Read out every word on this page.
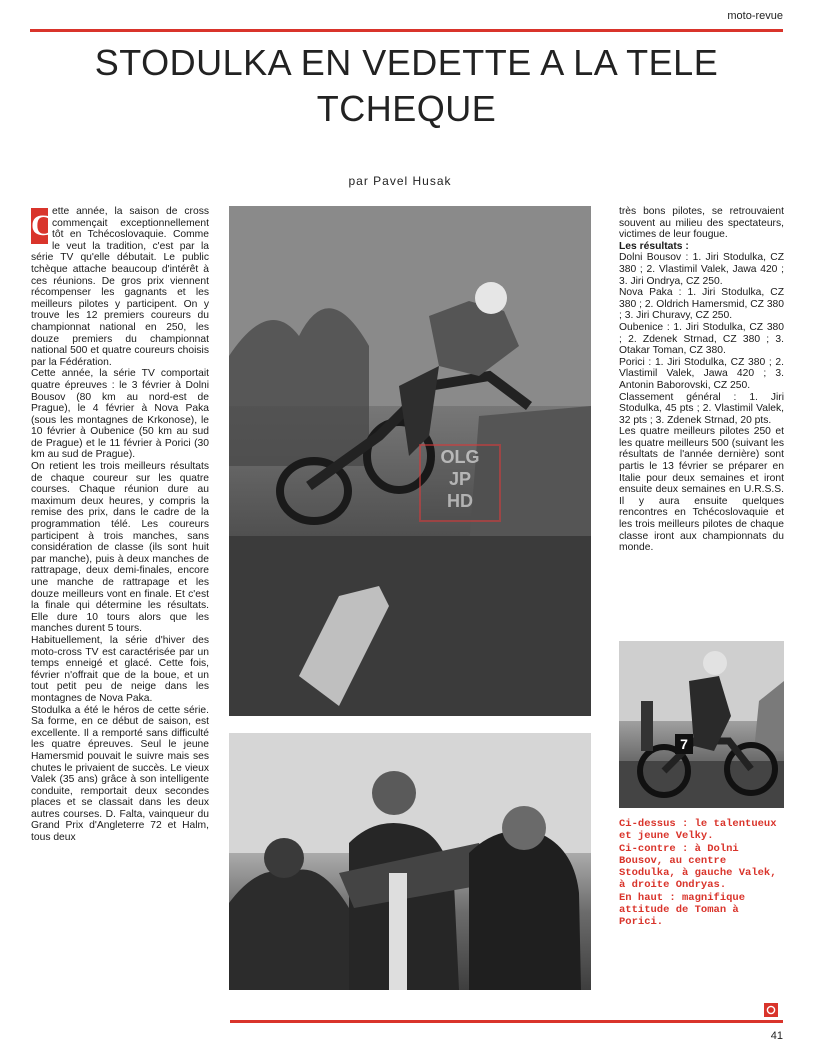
moto-revue
STODULKA EN VEDETTE A LA TELE TCHEQUE
par Pavel Husak
C ette année, la saison de cross commençait exceptionnellement tôt en Tchécoslovaquie. Comme le veut la tradition, c'est par la série TV qu'elle débutait. Le public tchèque attache beaucoup d'intérêt à ces réunions. De gros prix viennent récompenser les gagnants et les meilleurs pilotes y participent. On y trouve les 12 premiers coureurs du championnat national en 250, les douze premiers du championnat national 500 et quatre coureurs choisis par la Fédération.

Cette année, la série TV comportait quatre épreuves : le 3 février à Dolni Bousov (80 km au nord-est de Prague), le 4 février à Nova Paka (sous les montagnes de Krkonose), le 10 février à Oubenice (50 km au sud de Prague) et le 11 février à Porici (30 km au sud de Prague).

On retient les trois meilleurs résultats de chaque coureur sur les quatre courses. Chaque réunion dure au maximum deux heures, y compris la remise des prix, dans le cadre de la programmation télé. Les coureurs participent à trois manches, sans considération de classe (ils sont huit par manche), puis à deux manches de rattrapage, deux demi-finales, encore une manche de rattrapage et les douze meilleurs vont en finale. Et c'est la finale qui détermine les résultats. Elle dure 10 tours alors que les manches durent 5 tours.

Habituellement, la série d'hiver des moto-cross TV est caractérisée par un temps enneigé et glacé. Cette fois, février n'offrait que de la boue, et un tout petit peu de neige dans les montagnes de Nova Paka.

Stodulka a été le héros de cette série. Sa forme, en ce début de saison, est excellente. Il a remporté sans difficulté les quatre épreuves. Seul le jeune Hamersmid pouvait le suivre mais ses chutes le privaient de succès. Le vieux Valek (35 ans) grâce à son intelligente conduite, remportait deux secondes places et se classait dans les deux autres courses. D. Falta, vainqueur du Grand Prix d'Angleterre 72 et Halm, tous deux

OLG
JP
HD

très bons pilotes, se retrouvaient souvent au milieu des spectateurs, victimes de leur fougue.

Les résultats :

Dolni Bousov : 1. Jiri Stodulka, CZ 380 ; 2. Vlastimil Valek, Jawa 420 ; 3. Jiri Ondrya, CZ 250.

Nova Paka : 1. Jiri Stodulka, CZ 380 ; 2. Oldrich Hamersmid, CZ 380 ; 3. Jiri Churavy, CZ 250.

Oubenice : 1. Jiri Stodulka, CZ 380 ; 2. Zdenek Strnad, CZ 380 ; 3. Otakar Toman, CZ 380.

Porici : 1. Jiri Stodulka, CZ 380 ; 2. Vlastimil Valek, Jawa 420 ; 3. Antonin Baborovski, CZ 250.

Classement général : 1. Jiri Stodulka, 45 pts ; 2. Vlastimil Valek, 32 pts ; 3. Zdenek Strnad, 20 pts.

Les quatre meilleurs pilotes 250 et les quatre meilleurs 500 (suivant les résultats de l'année dernière) sont partis le 13 février se préparer en Italie pour deux semaines et iront ensuite deux semaines en U.R.S.S. Il y aura ensuite quelques rencontres en Tchécoslovaquie et les trois meilleurs pilotes de chaque classe iront aux championnats du monde.

7

Ci-dessus : le talentueux et jeune Velky.

Ci-contre : à Dolni Bousov, au centre Stodulka, à gauche Valek, à droite Ondryas.

En haut : magnifique attitude de Toman à Porici.

41
